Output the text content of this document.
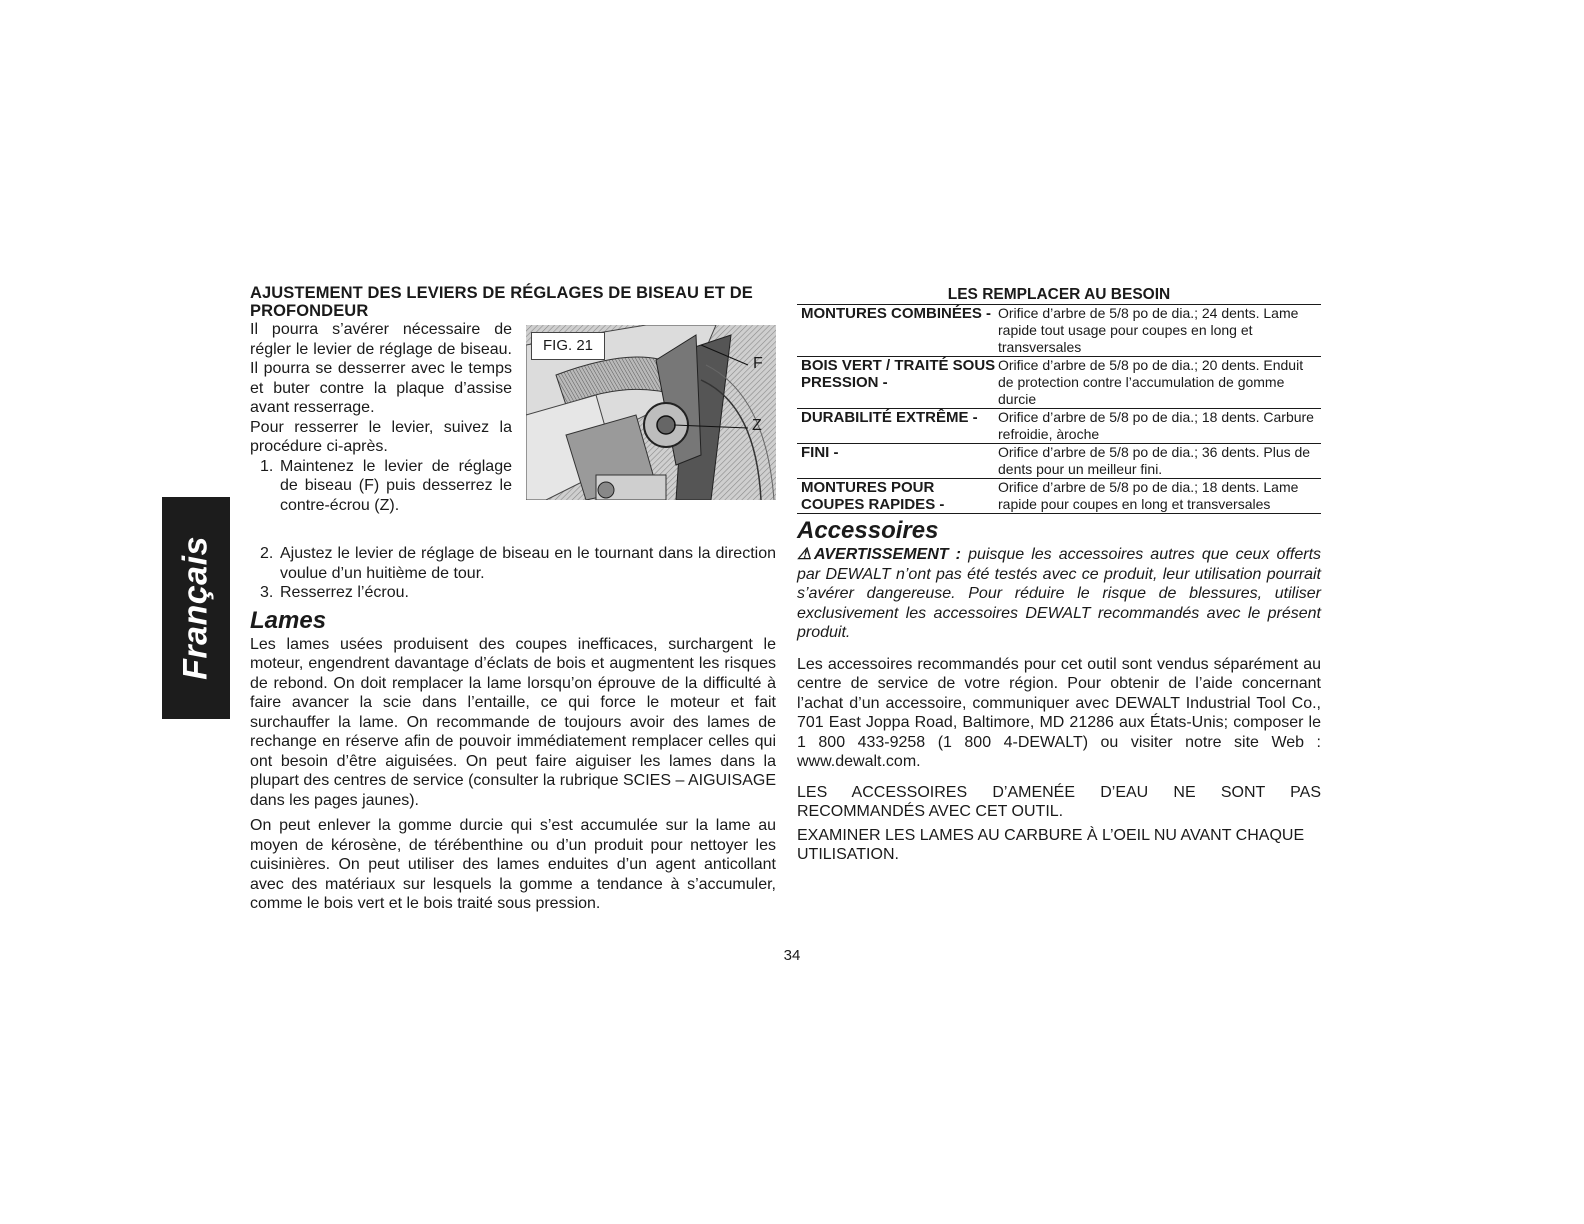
Français

AJUSTEMENT DES LEVIERS DE RÉGLAGES DE BISEAU ET DE PROFONDEUR

Il pourra s’avérer nécessaire de régler le levier de réglage de biseau. Il pourra se desserrer avec le temps et buter contre la plaque d’assise avant resserrage.

Pour resserrer le levier, suivez la procédure ci-après.

1. Maintenez le levier de réglage de biseau (F) puis desserrez le contre-écrou (Z).
2. Ajustez le levier de réglage de biseau en le tournant dans la direction voulue d’un huitième de tour.
3. Resserrez l’écrou.

Lames

Les lames usées produisent des coupes inefficaces, surchargent le moteur, engendrent davantage d’éclats de bois et augmentent les risques de rebond. On doit remplacer la lame lorsqu’on éprouve de la difficulté à faire avancer la scie dans l’entaille, ce qui force le moteur et fait surchauffer la lame. On recommande de toujours avoir des lames de rechange en réserve afin de pouvoir immédiatement remplacer celles qui ont besoin d’être aiguisées. On peut faire aiguiser les lames dans la plupart des centres de service (consulter la rubrique SCIES – AIGUISAGE dans les pages jaunes).

On peut enlever la gomme durcie qui s’est accumulée sur la lame au moyen de kérosène, de térébenthine ou d’un produit pour nettoyer les cuisinières. On peut utiliser des lames enduites d’un agent anticollant avec des matériaux sur lesquels la gomme a tendance à s’accumuler, comme le bois vert et le bois traité sous pression.

FIG. 21
F
Z

LES REMPLACER AU BESOIN

MONTURES COMBINÉES -	Orifice d’arbre de 5/8 po de dia.; 24 dents. Lame rapide tout usage pour coupes en long et transversales
BOIS VERT / TRAITÉ SOUS PRESSION -	Orifice d’arbre de 5/8 po de dia.; 20 dents. Enduit de protection contre l’accumulation de gomme durcie
DURABILITÉ EXTRÊME -	Orifice d’arbre de 5/8 po de dia.; 18 dents. Carbure refroidie, àroche
FINI -	Orifice d’arbre de 5/8 po de dia.; 36 dents. Plus de dents pour un meilleur fini.
MONTURES POUR COUPES RAPIDES -	Orifice d’arbre de 5/8 po de dia.; 18 dents. Lame rapide pour coupes en long et transversales

Accessoires

⚠AVERTISSEMENT : puisque les accessoires autres que ceux offerts par DEWALT n’ont pas été testés avec ce produit, leur utilisation pourrait s’avérer dangereuse. Pour réduire le risque de blessures, utiliser exclusivement les accessoires DEWALT recommandés avec le présent produit.

Les accessoires recommandés pour cet outil sont vendus séparément au centre de service de votre région. Pour obtenir de l’aide concernant l’achat d’un accessoire, communiquer avec DEWALT Industrial Tool Co., 701 East Joppa Road, Baltimore, MD 21286 aux États-Unis; composer le 1 800 433-9258 (1 800 4-DEWALT) ou visiter notre site Web : www.dewalt.com.

LES ACCESSOIRES D’AMENÉE D’EAU NE SONT PAS RECOMMANDÉS AVEC CET OUTIL.

EXAMINER LES LAMES AU CARBURE À L’OEIL NU AVANT CHAQUE UTILISATION.

34
